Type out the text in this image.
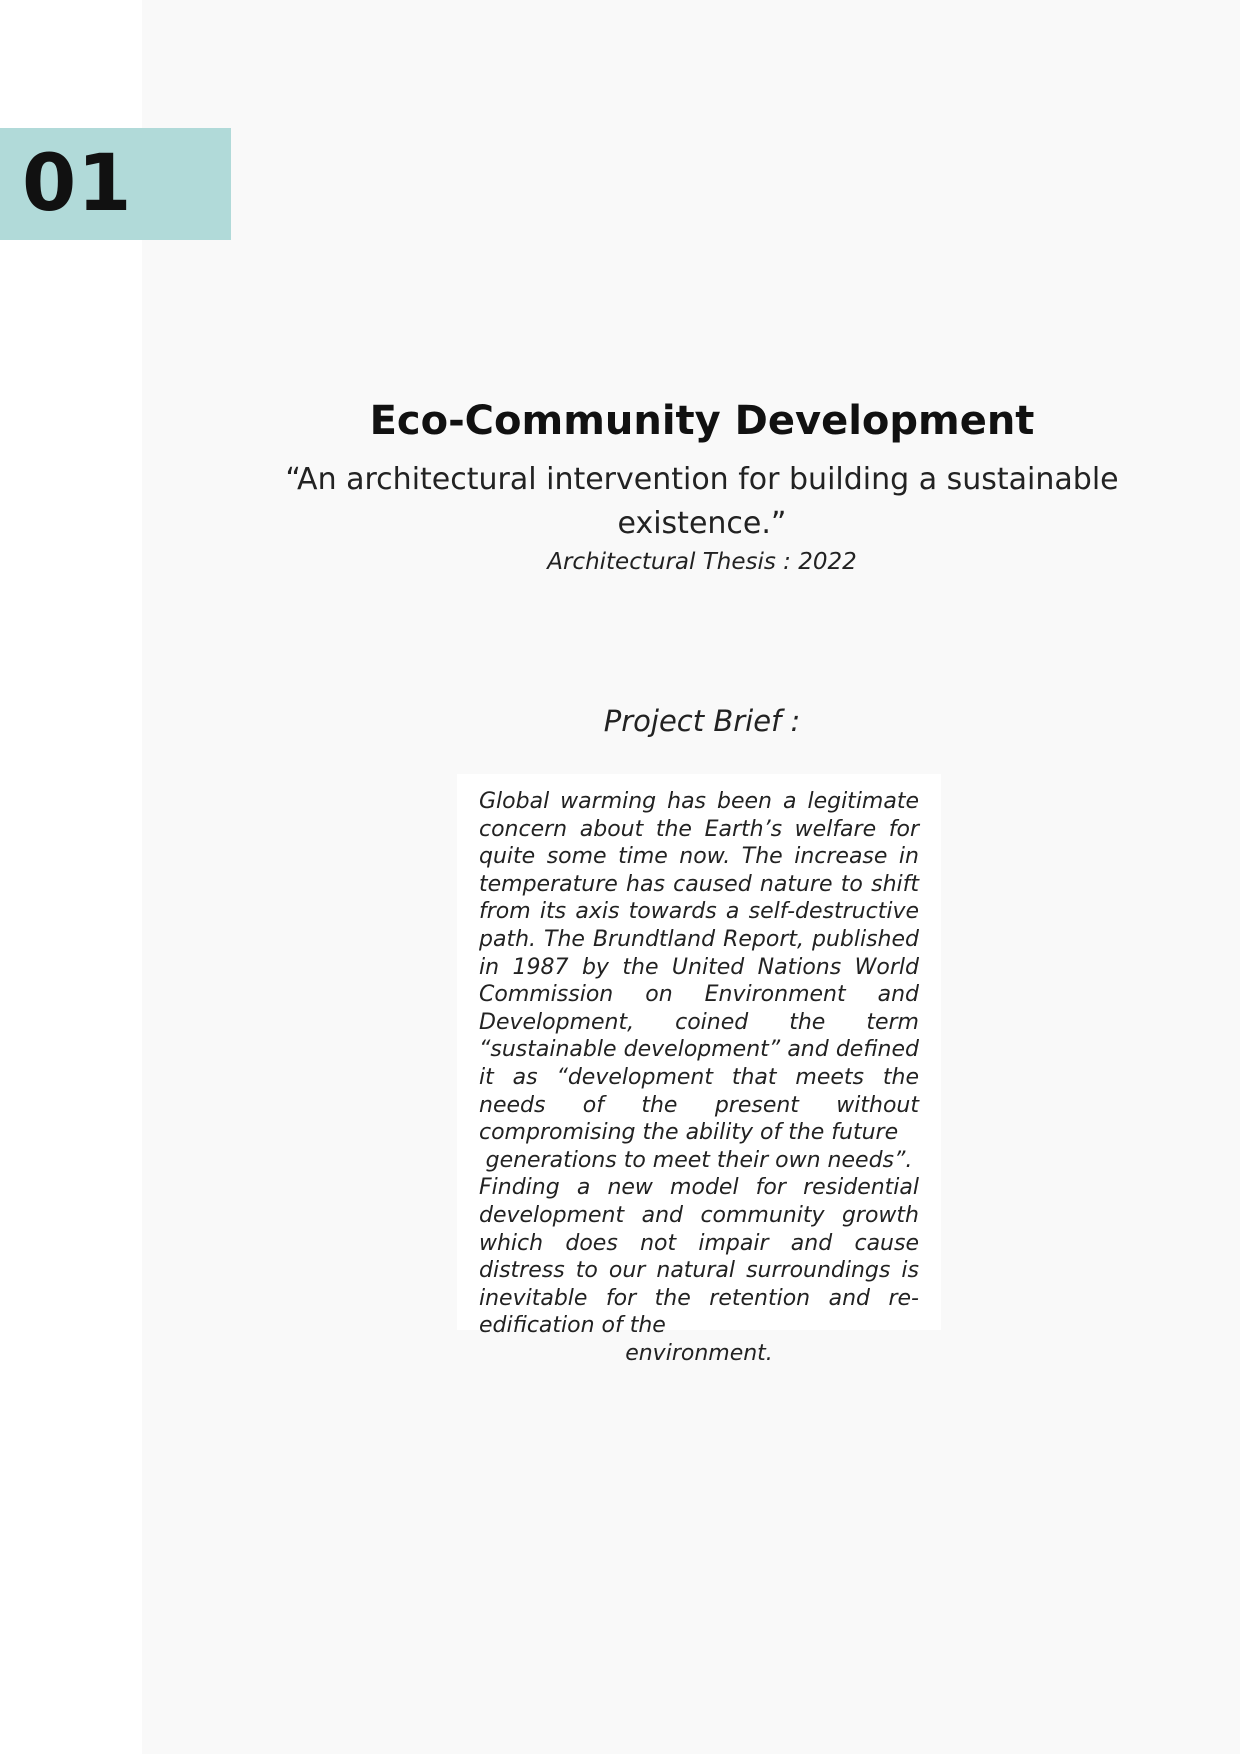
01
Eco-Community Development
“An architectural intervention for building a sustainable existence.”
Architectural Thesis : 2022
Project Brief :

Global warming has been a legitimate concern about the Earth’s welfare for quite some time now. The increase in temperature has caused nature to shift from its axis towards a self-destructive path. The Brundtland Report, published in 1987 by the United Nations World Commission on Environment and Development, coined the term “sustainable development” and defined it as “development that meets the needs of the present without compromising the ability of the future
generations to meet their own needs”.
Finding a new model for residential development and community growth which does not impair and cause distress to our natural surroundings is inevitable for the retention and re-edification of the
environment.
